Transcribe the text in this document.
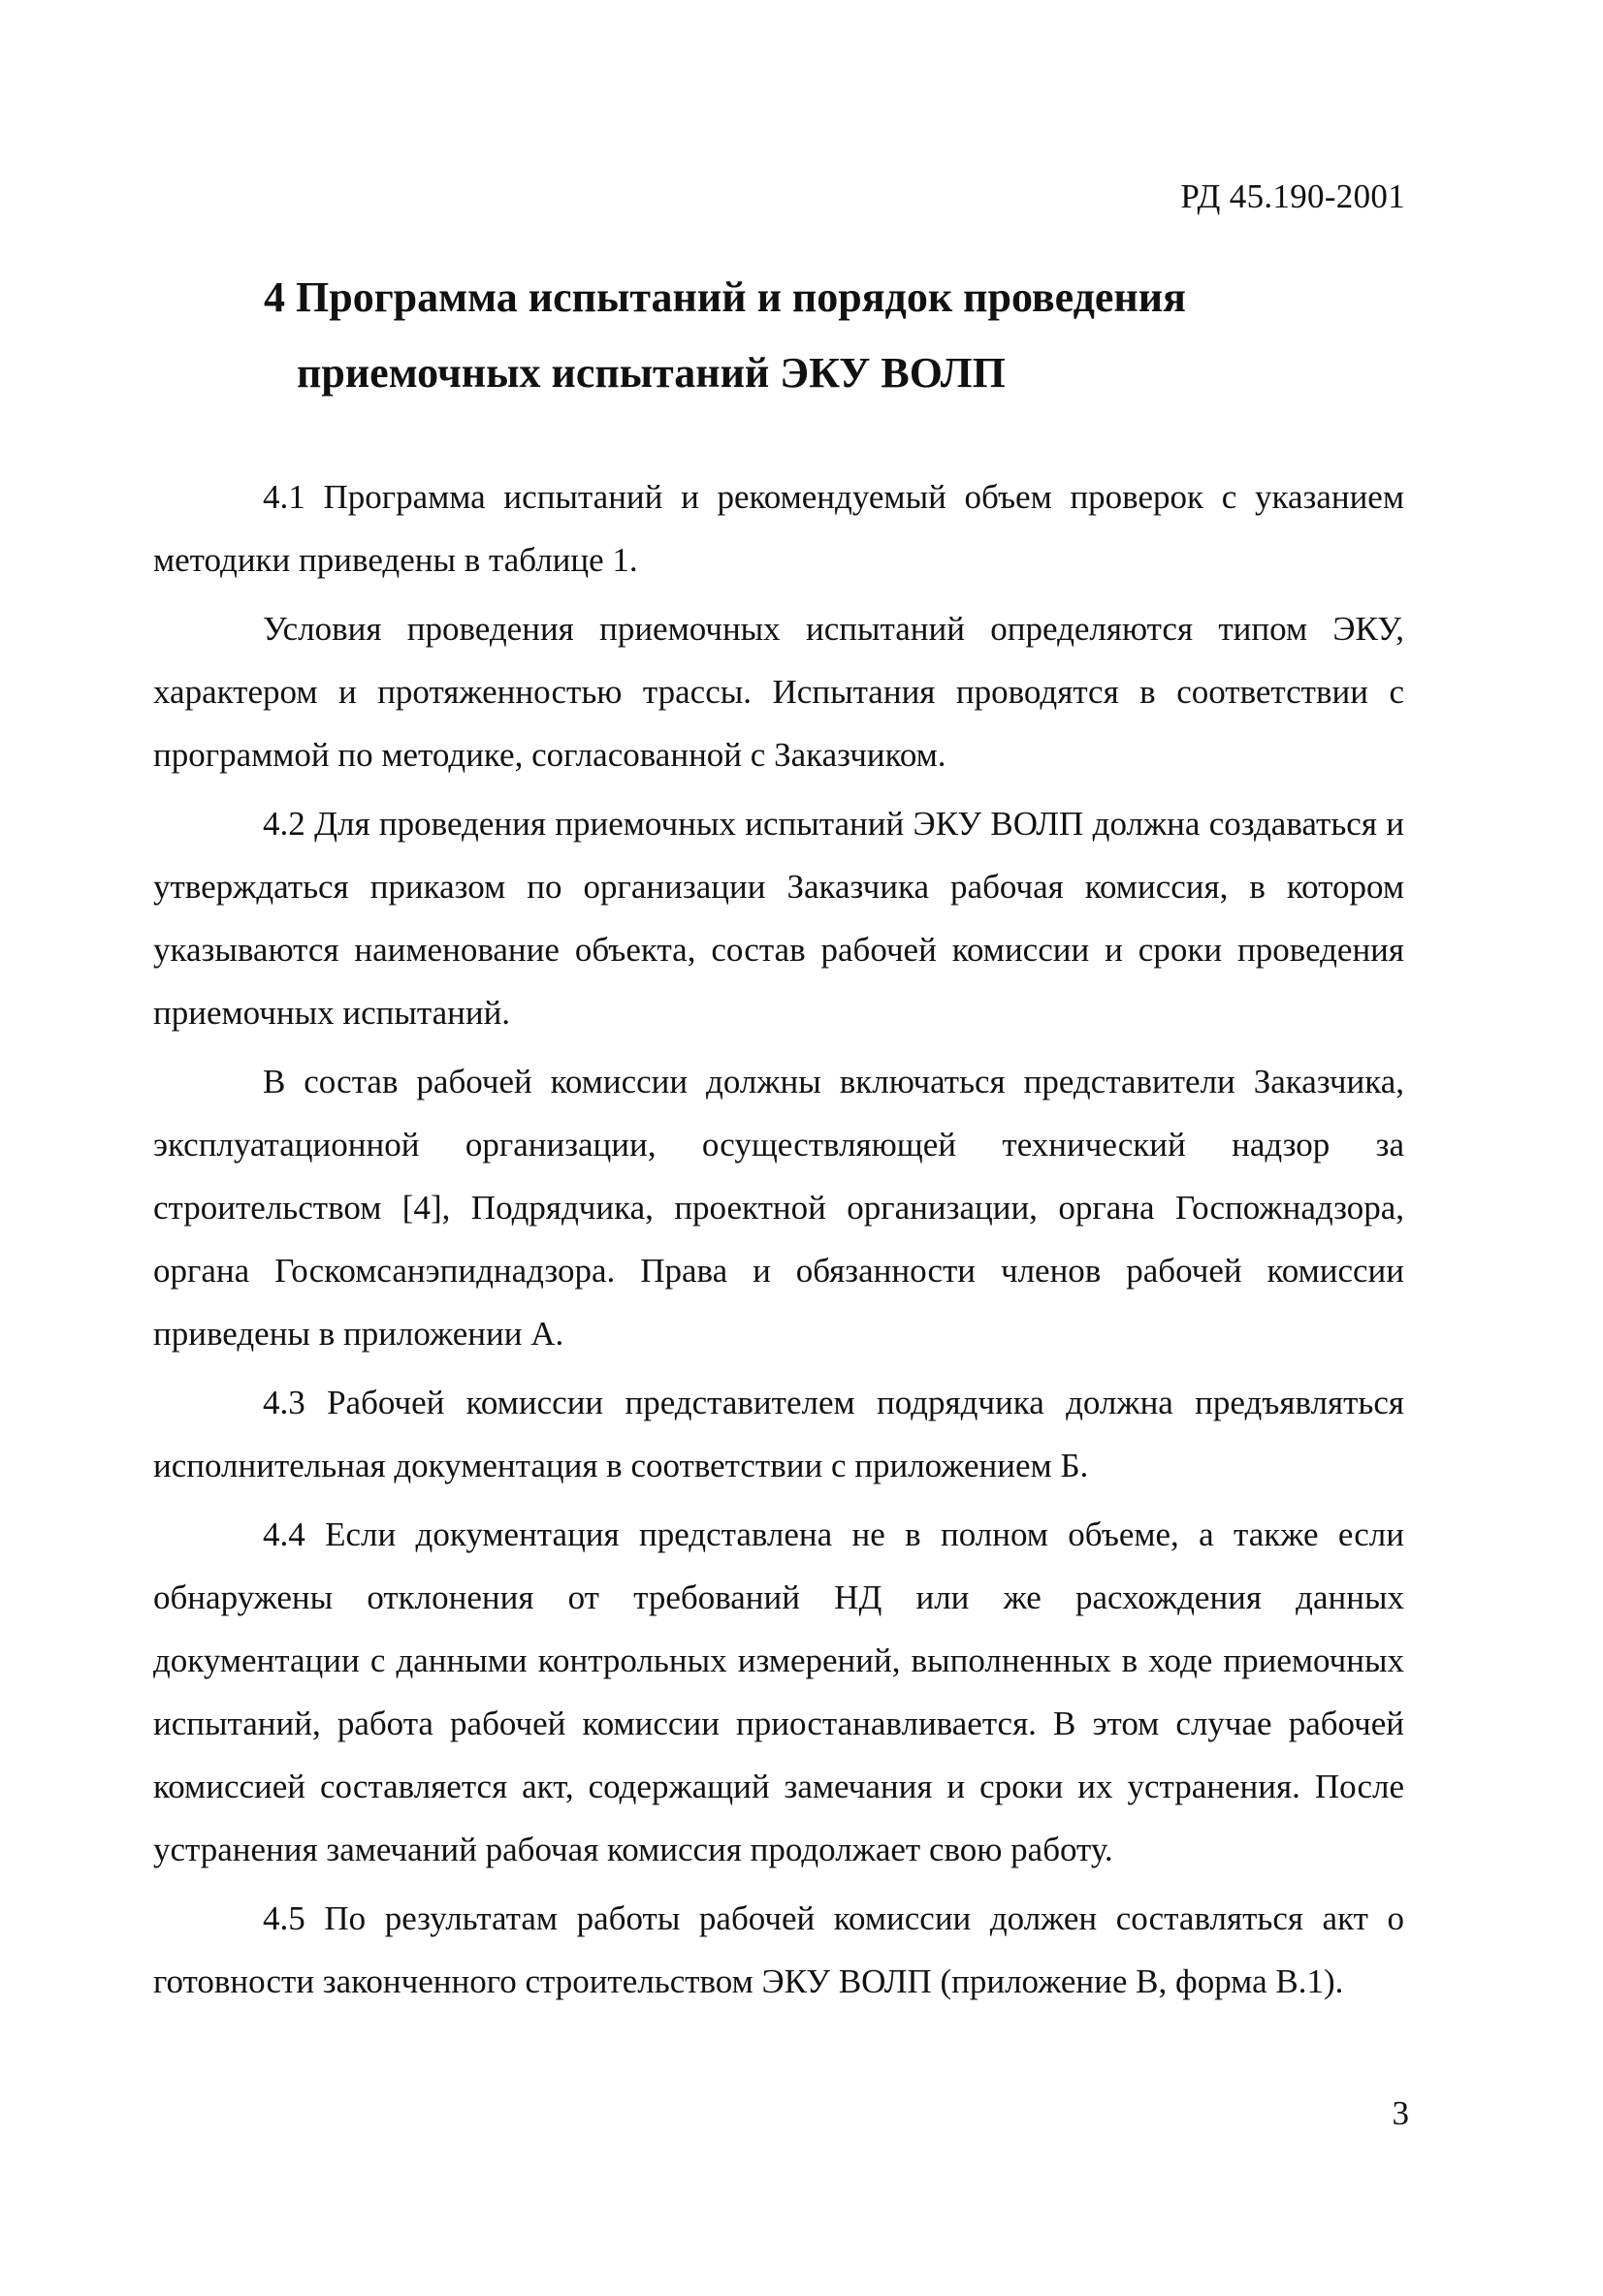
РД 45.190-2001
4 Программа испытаний и порядок проведения
приемочных испытаний ЭКУ ВОЛП

4.1 Программа испытаний и рекомендуемый объем проверок с указанием методики приведены в таблице 1.

Условия проведения приемочных испытаний определяются типом ЭКУ, характером и протяженностью трассы. Испытания проводятся в соответствии с программой по методике, согласованной с Заказчиком.

4.2 Для проведения приемочных испытаний ЭКУ ВОЛП должна создаваться и утверждаться приказом по организации Заказчика рабочая комиссия, в котором указываются наименование объекта, состав рабочей комиссии и сроки проведения приемочных испытаний.

В состав рабочей комиссии должны включаться представители Заказчика, эксплуатационной организации, осуществляющей технический надзор за строительством [4], Подрядчика, проектной организации, органа Госпожнадзора, органа Госкомсанэпиднадзора. Права и обязанности членов рабочей комиссии приведены в приложении А.

4.3 Рабочей комиссии представителем подрядчика должна предъявляться исполнительная документация в соответствии с приложением Б.

4.4 Если документация представлена не в полном объеме, а также если обнаружены отклонения от требований НД или же расхождения данных документации с данными контрольных измерений, выполненных в ходе приемочных испытаний, работа рабочей комиссии приостанавливается. В этом случае рабочей комиссией составляется акт, содержащий замечания и сроки их устранения. После устранения замечаний рабочая комиссия продолжает свою работу.

4.5 По результатам работы рабочей комиссии должен составляться акт о готовности законченного строительством ЭКУ ВОЛП (приложение В, форма В.1).

3
